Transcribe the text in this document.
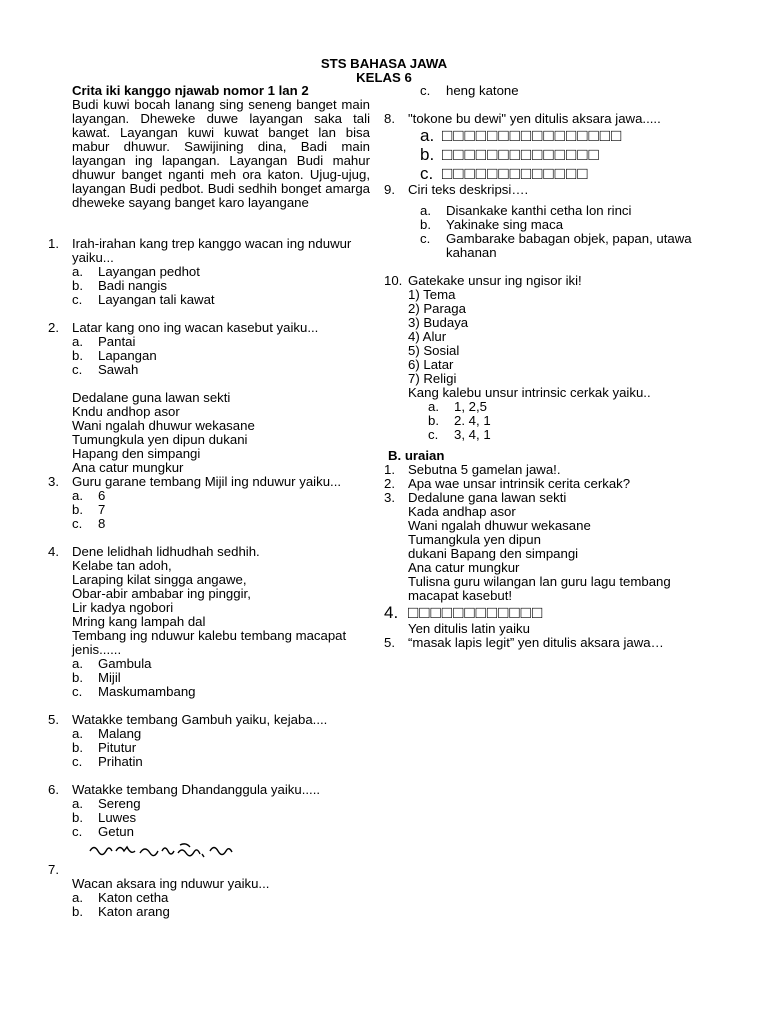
STS BAHASA JAWA
KELAS 6
Crita iki kanggo njawab nomor 1 lan 2
Budi kuwi bocah lanang sing seneng banget main layangan. Dheweke duwe layangan saka tali kawat. Layangan kuwi kuwat banget lan bisa mabur dhuwur. Sawijining dina, Badi main layangan ing lapangan. Layangan Budi mahur dhuwur banget nganti meh ora katon. Ujug-ujug, layangan Budi pedbot. Budi sedhih bonget amarga dheweke sayang banget karo layangane
1. Irah-irahan kang trep kanggo wacan ing nduwur yaiku...
a.	Layangan pedhot
b.	Badi nangis
c.	Layangan tali kawat
2. Latar kang ono ing wacan kasebut yaiku...
a.	Pantai
b.	Lapangan
c.	Sawah
Dedalane guna lawan sekti
Kndu andhop asor
Wani ngalah dhuwur wekasane
Tumungkula yen dipun dukani
Hapang den simpangi
Ana catur mungkur
3. Guru garane tembang Mijil ing nduwur yaiku...
a.	6
b.	7
c.	8
4. Dene lelidhah lidhudhah sedhih.
Kelabe tan adoh,
Laraping kilat singga angawe,
Obar-abir ambabar ing pinggir,
Lir kadya ngobori
Mring kang lampah dal
Tembang ing nduwur kalebu tembang macapat jenis......
a.	Gambula
b.	Mijil
c.	Maskumambang
5. Watakke tembang Gambuh yaiku, kejaba....
a.	Malang
b.	Pitutur
c.	Prihatin
6. Watakke tembang Dhandanggula yaiku.....
a.	Sereng
b.	Luwes
c.	Getun
7.
Wacan aksara ing nduwur yaiku...
a.	Katon cetha
b.	Katon arang
c.	heng katone
8. "tokone bu dewi" yen ditulis aksara jawa.....
a. □□□□□□□□□□□□□□□□
b. □□□□□□□□□□□□□□
c. □□□□□□□□□□□□□
9. Ciri teks deskripsi….
a.	Disankake kanthi cetha lon rinci
b.	Yakinake sing maca
c.	Gambarake babagan objek, papan, utawa kahanan
10. Gatekake unsur ing ngisor iki!
1) Tema
2) Paraga
3) Budaya
4) Alur
5) Sosial
6) Latar
7) Religi
Kang kalebu unsur intrinsic cerkak yaiku..
a.	1, 2,5
b.	2. 4, 1
c.	3, 4, 1
B. uraian
1. Sebutna 5 gamelan jawa!.
2. Apa wae unsar intrinsik cerita cerkak?
3. Dedalune gana lawan sekti
Kada andhap asor
Wani ngalah dhuwur wekasane
Tumangkula yen dipun
dukani Bapang den simpangi
Ana catur mungkur
Tulisna guru wilangan lan guru lagu tembang macapat kasebut!
4. □□□□□□□□□□□□
Yen ditulis latin yaiku
5. “masak lapis legit” yen ditulis aksara jawa…
